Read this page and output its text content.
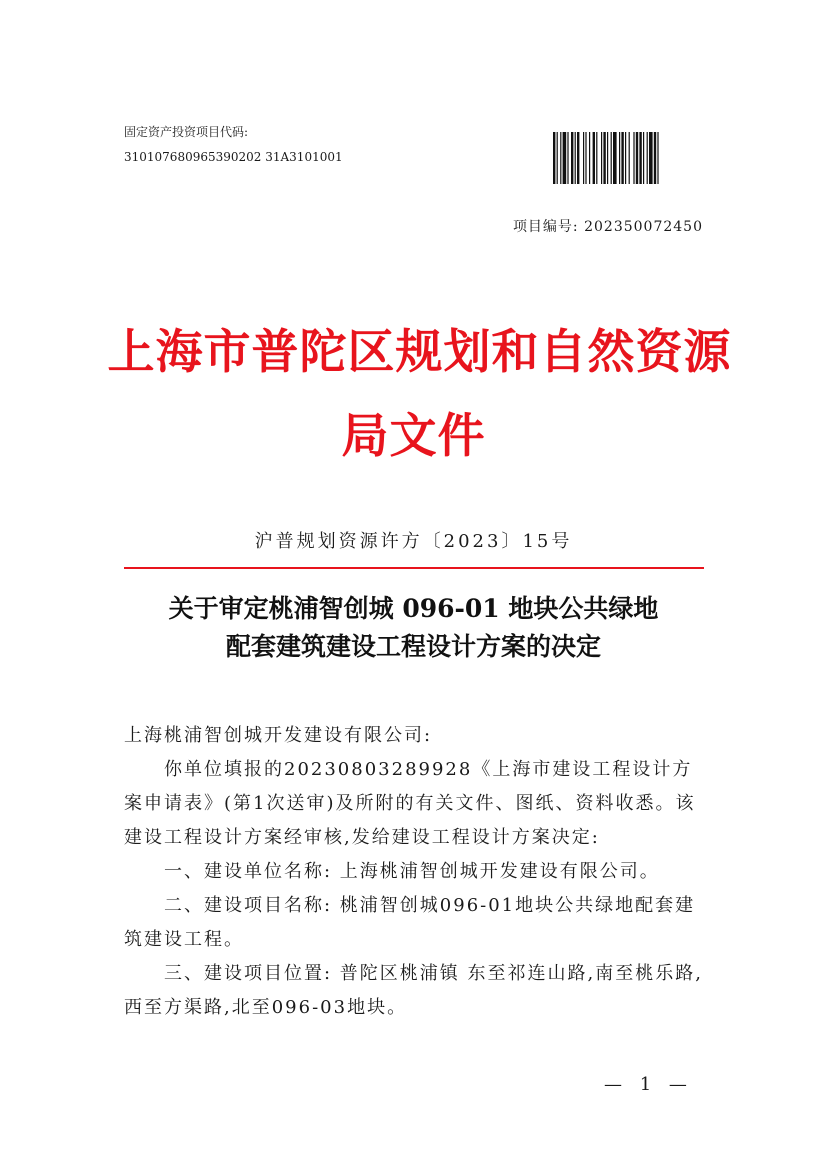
固定资产投资项目代码:
310107680965390202 31A3101001
项目编号: 202350072450
上海市普陀区规划和自然资源
局文件
沪普规划资源许方〔2023〕15号
关于审定桃浦智创城 096-01 地块公共绿地
配套建筑建设工程设计方案的决定

上海桃浦智创城开发建设有限公司:

你单位填报的20230803289928《上海市建设工程设计方案申请表》(第1次送审)及所附的有关文件、图纸、资料收悉。该建设工程设计方案经审核,发给建设工程设计方案决定:

一、建设单位名称: 上海桃浦智创城开发建设有限公司。

二、建设项目名称: 桃浦智创城096-01地块公共绿地配套建筑建设工程。

三、建设项目位置: 普陀区桃浦镇 东至祁连山路,南至桃乐路,西至方渠路,北至096-03地块。

— 1 —
